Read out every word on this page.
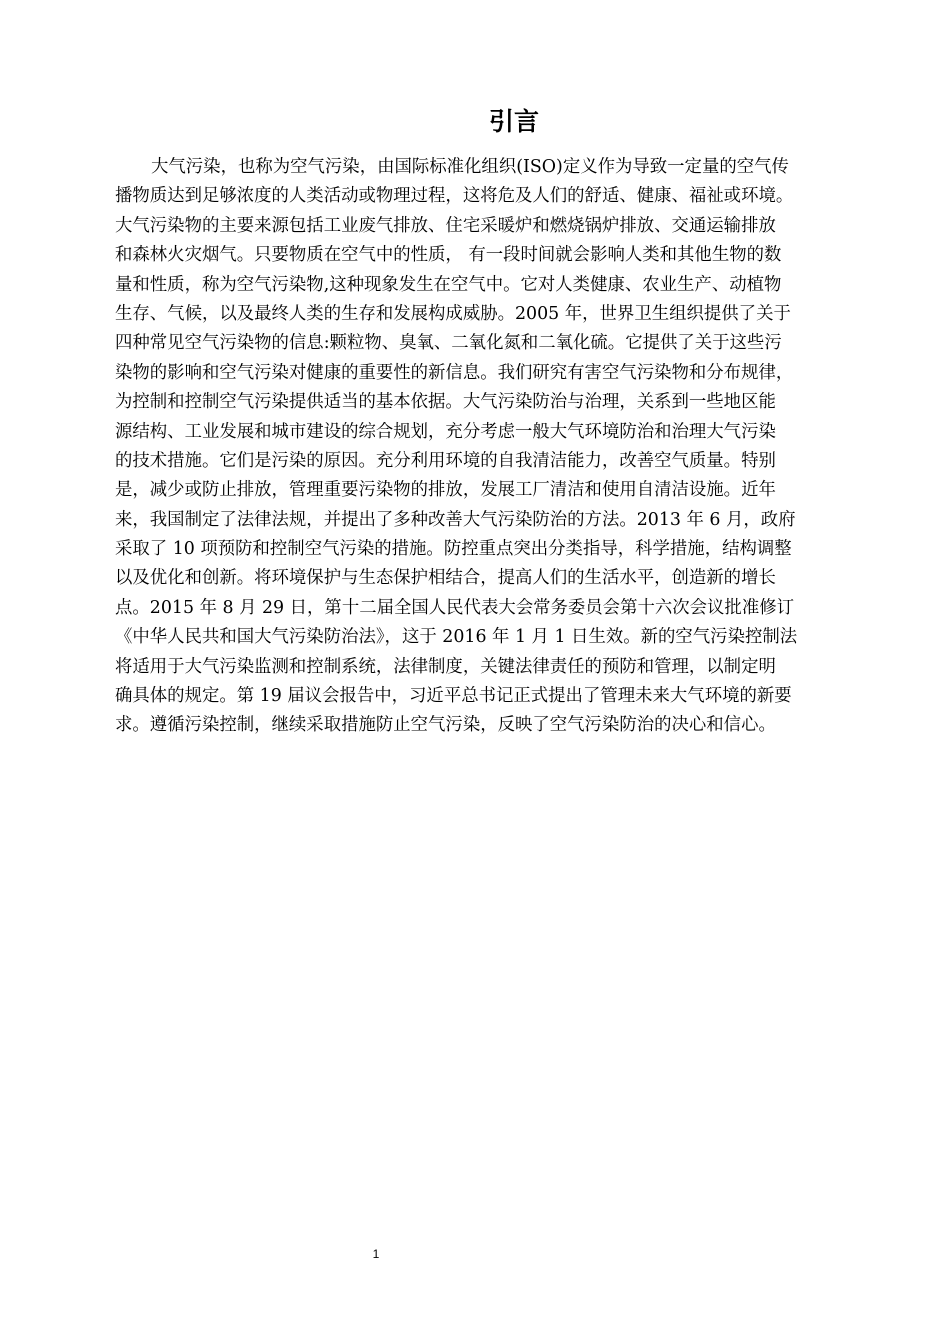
引言
大气污染，也称为空气污染，由国际标准化组织(ISO)定义作为导致一定量的空气传
播物质达到足够浓度的人类活动或物理过程，这将危及人们的舒适、健康、福祉或环境。
大气污染物的主要来源包括工业废气排放、住宅采暖炉和燃烧锅炉排放、交通运输排放
和森林火灾烟气。只要物质在空气中的性质， 有一段时间就会影响人类和其他生物的数
量和性质，称为空气污染物,这种现象发生在空气中。它对人类健康、农业生产、动植物
生存、气候，以及最终人类的生存和发展构成威胁。2005 年，世界卫生组织提供了关于
四种常见空气污染物的信息:颗粒物、臭氧、二氧化氮和二氧化硫。它提供了关于这些污
染物的影响和空气污染对健康的重要性的新信息。我们研究有害空气污染物和分布规律，
为控制和控制空气污染提供适当的基本依据。大气污染防治与治理，关系到一些地区能
源结构、工业发展和城市建设的综合规划，充分考虑一般大气环境防治和治理大气污染
的技术措施。它们是污染的原因。充分利用环境的自我清洁能力，改善空气质量。特别
是，减少或防止排放，管理重要污染物的排放，发展工厂清洁和使用自清洁设施。近年
来，我国制定了法律法规，并提出了多种改善大气污染防治的方法。2013 年 6 月，政府
采取了 10 项预防和控制空气污染的措施。防控重点突出分类指导，科学措施，结构调整
以及优化和创新。将环境保护与生态保护相结合，提高人们的生活水平，创造新的增长
点。2015 年 8 月 29 日，第十二届全国人民代表大会常务委员会第十六次会议批准修订
《中华人民共和国大气污染防治法》，这于 2016 年 1 月 1 日生效。新的空气污染控制法
将适用于大气污染监测和控制系统，法律制度，关键法律责任的预防和管理，以制定明
确具体的规定。第 19 届议会报告中，习近平总书记正式提出了管理未来大气环境的新要
求。遵循污染控制，继续采取措施防止空气污染，反映了空气污染防治的决心和信心。
1
